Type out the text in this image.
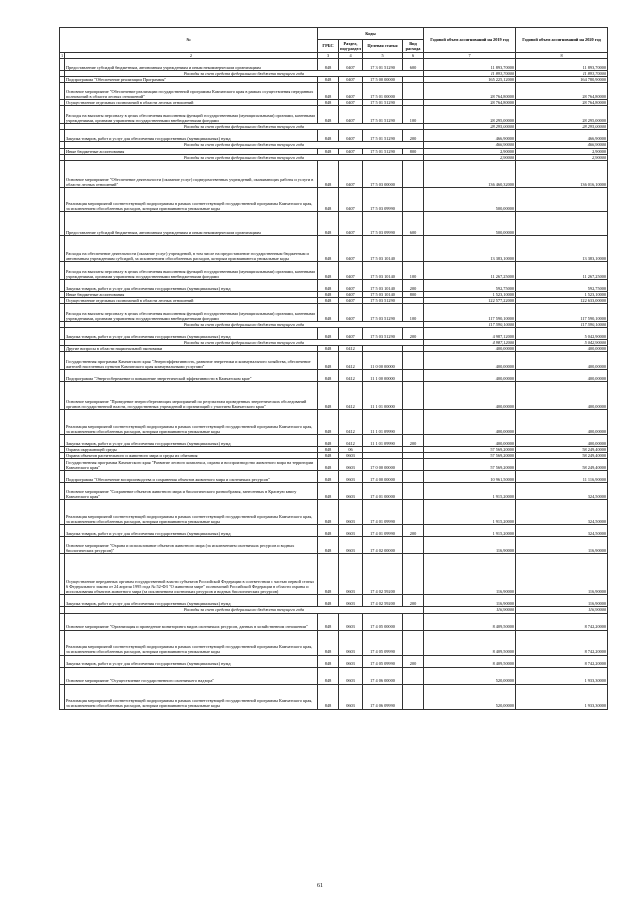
№		Коды				Годовой объем ассигнований на 2019 год	Годовой объем ассигнований на 2020 год
		ГРБС	Раздел, под-раздел	Целевая статья	Вид расхода		
1	2	3	4	5	6	7	8
	Предоставление субсидий бюджетным, автономным учреждениям и иным некоммерческим организациям	848	0407	17 3 01 51290	600	11 893,70000	11 893,70000
	Расходы за счет средств федерального бюджета текущего года					11 893,70000	11 893,70000
	Подпрограмма "Обеспечение реализации Программы"	848	0407	17 5 00 00000		165 225,12000	164 780,90000
	Основное мероприятие "Обеспечение реализации государственной программы Камчатского края в рамках осуществления переданных полномочий в области лесных отношений"	848	0407	17 5 01 00000		28 764,80000	28 764,80000
	Осуществление отдельных полномочий в области лесных отношений	848	0407	17 5 01 51290		28 764,80000	28 764,80000
	Расходы на выплаты персоналу в целях обеспечения выполнения функций государственными (муниципальными) органами, казенными учреждениями, органами управления государственными внебюджетными фондами	848	0407	17 5 01 51290	100	28 295,00000	28 295,00000
	Расходы за счет средств федерального бюджета текущего года					28 295,00000	28 295,00000
	Закупка товаров, работ и услуг для обеспечения государственных (муниципальных) нужд	848	0407	17 5 01 51290	200	466,90000	466,90000
	Расходы за счет средств федерального бюджета текущего года					466,90000	466,90000
	Иные бюджетные ассигнования	848	0407	17 5 01 51290	800	2,90000	2,90000
	Расходы за счет средств федерального бюджета текущего года					2,90000	2,90000
	Основное мероприятие "Обеспечение деятельности (оказание услуг) подведомственных учреждений, оказывающих работы и услуги в области лесных отношений"	848	0407	17 5 03 00000		136 460,32000	136 016,10000
	Реализация мероприятий соответствующей подпрограммы в рамках соответствующей государственной программы Камчатского края, за исключением обособленных расходов, которым присваиваются уникальные коды	848	0407	17 5 03 09990		500,00000	
	Предоставление субсидий бюджетным, автономным учреждениям и иным некоммерческим организациям	848	0407	17 5 03 09990	600	500,00000	
	Расходы на обеспечение деятельности (оказание услуг) учреждений, в том числе на предоставление государственным бюджетным и автономным учреждениям субсидий, за исключением обособленных расходов, которым присваиваются уникальные коды	848	0407	17 5 03 10140		13 383,10000	13 383,10000
	Расходы на выплаты персоналу в целях обеспечения выполнения функций государственными (муниципальными) органами, казенными учреждениями, органами управления государственными внебюджетными фондами	848	0407	17 5 03 10140	100	11 267,25000	11 267,25000
	Закупка товаров, работ и услуг для обеспечения государственных (муниципальных) нужд	848	0407	17 5 03 10140	200	592,75000	592,75000
	Иные бюджетные ассигнования	848	0407	17 5 03 10140	800	1 523,10000	1 523,10000
	Осуществление отдельных полномочий в области лесных отношений	848	0407	17 5 03 51290		122 577,22000	122 633,00000
	Расходы на выплаты персоналу в целях обеспечения выполнения функций государственными (муниципальными) органами, казенными учреждениями, органами управления государственными внебюджетными фондами	848	0407	17 5 03 51290	100	117 590,10000	117 590,10000
	Расходы за счет средств федерального бюджета текущего года					117 590,10000	117 590,10000
	Закупка товаров, работ и услуг для обеспечения государственных (муниципальных) нужд	848	0407	17 5 03 51290	200	4 987,12000	5 042,90000
	Расходы за счет средств федерального бюджета текущего года					4 987,12000	5 042,90000
	Другие вопросы в области национальной экономики	848	0412			400,00000	400,00000
	Государственная программа Камчатского края "Энергоэффективность, развитие энергетики и коммунального хозяйства, обеспечение жителей населенных пунктов Камчатского края коммунальными услугами"	848	0412	11 0 00 00000		400,00000	400,00000
	Подпрограмма "Энергосбережение и повышение энергетической эффективности в Камчатском крае"	848	0412	11 1 00 00000		400,00000	400,00000
	Основное мероприятие "Проведение энергосберегающих мероприятий по результатам проведенных энергетических обследований органов государственной власти, государственных учреждений и организаций с участием Камчатского края"	848	0412	11 1 01 00000		400,00000	400,00000
	Реализация мероприятий соответствующей подпрограммы в рамках соответствующей государственной программы Камчатского края, за исключением обособленных расходов, которым присваиваются уникальные коды	848	0412	11 1 01 09990		400,00000	400,00000
	Закупка товаров, работ и услуг для обеспечения государственных (муниципальных) нужд	848	0412	11 1 01 09990	200	400,00000	400,00000
	Охрана окружающей среды	848	06			57 569,20000	58 249,40000
	Охрана объектов растительного и животного мира и среды их обитания	848	0603			57 569,20000	58 249,40000
	Государственная программа Камчатского края "Развитие лесного комплекса, охрана и воспроизводство животного мира на территории Камчатского края"	848	0603	17 0 00 00000		57 569,20000	58 249,40000
	Подпрограмма "Обеспечение воспроизводства и сохранения объектов животного мира и охотничьих ресурсов"	848	0603	17 4 00 00000		10 961,50000	11 116,90000
	Основное мероприятие "Сохранение объектов животного мира и биологического разнообразия, занесенных в Красную книгу Камчатского края"	848	0603	17 4 01 00000		1 915,20000	324,50000
	Реализация мероприятий соответствующей подпрограммы в рамках соответствующей государственной программы Камчатского края, за исключением обособленных расходов, которым присваиваются уникальные коды	848	0603	17 4 01 09990		1 915,20000	324,50000
	Закупка товаров, работ и услуг для обеспечения государственных (муниципальных) нужд	848	0603	17 4 01 09990	200	1 915,20000	324,50000
	Основное мероприятие "Охрана и использование объектов животного мира (за исключением охотничьих ресурсов и водных биологических ресурсов)"	848	0603	17 4 02 00000		116,90000	116,90000
	Осуществление переданных органам государственной власти субъектов Российской Федерации в соответствии с частью первой статьи 6 Федерального закона от 24 апреля 1995 года № 52-ФЗ "О животном мире" полномочий Российской Федерации в области охраны и использования объектов животного мира (за исключением охотничьих ресурсов и водных биологических ресурсов)	848	0603	17 4 02 59200		116,90000	116,90000
	Закупка товаров, работ и услуг для обеспечения государственных (муниципальных) нужд	848	0603	17 4 02 59200	200	116,90000	116,90000
	Расходы за счет средств федерального бюджета текущего года					116,90000	116,90000
	Основное мероприятие "Организация и проведение мониторинга видов охотничьих ресурсов, данных в хозяйственном отношении"	848	0603	17 4 05 00000		8 409,50000	8 742,20000
	Реализация мероприятий соответствующей подпрограммы в рамках соответствующей государственной программы Камчатского края, за исключением обособленных расходов, которым присваиваются уникальные коды	848	0603	17 4 05 09990		8 409,50000	8 742,20000
	Закупка товаров, работ и услуг для обеспечения государственных (муниципальных) нужд	848	0603	17 4 05 09990	200	8 409,50000	8 742,20000
	Основное мероприятие "Осуществление государственного охотничьего надзора"	848	0603	17 4 06 00000		520,00000	1 933,30000
	Реализация мероприятий соответствующей подпрограммы в рамках соответствующей государственной программы Камчатского края, за исключением обособленных расходов, которым присваиваются уникальные коды	848	0603	17 4 06 09990		520,00000	1 933,30000
61
